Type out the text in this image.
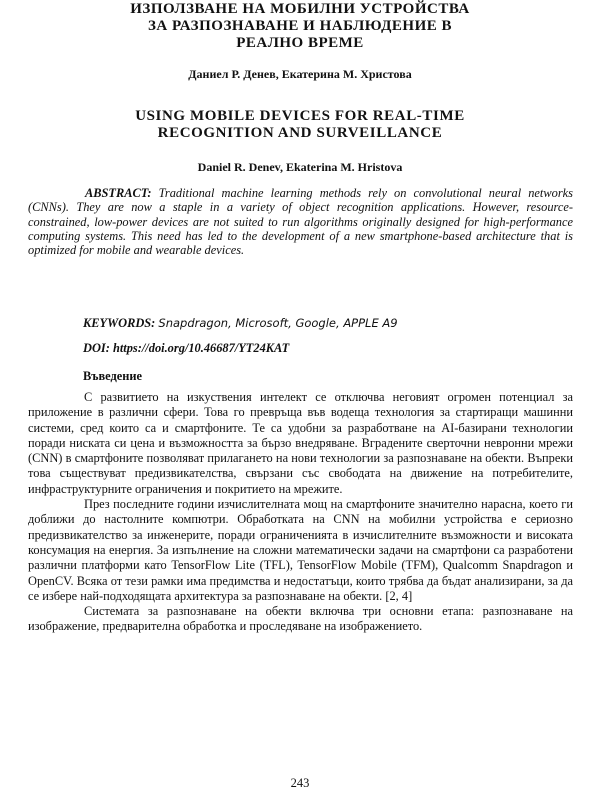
ИЗПОЛЗВАНЕ НА МОБИЛНИ УСТРОЙСТВА
ЗА РАЗПОЗНАВАНЕ И НАБЛЮДЕНИЕ В
РЕАЛНО ВРЕМЕ
Даниел Р. Денев, Екатерина М. Христова
USING MOBILE DEVICES FOR REAL-TIME
RECOGNITION AND SURVEILLANCE
Daniel R. Denev, Ekaterina M. Hristova
ABSTRACT: Traditional machine learning methods rely on convolutional neural networks (CNNs). They are now a staple in a variety of object recognition applications. However, resource-constrained, low-power devices are not suited to run algorithms originally designed for high-performance computing systems. This need has led to the development of a new smartphone-based architecture that is optimized for mobile and wearable devices.
KEYWORDS: Snapdragon, Microsoft, Google, APPLE A9
DOI: https://doi.org/10.46687/YT24KAT
Въведение

С развитието на изкуствения интелект се отключва неговият огромен потенциал за приложение в различни сфери. Това го превръща във водеща технология за стартиращи машинни системи, сред които са и смартфоните. Те са удобни за разработване на AI-базирани технологии поради ниската си цена и възможността за бързо внедряване. Вградените сверточни невронни мрежи (CNN) в смартфоните позволяват прилагането на нови технологии за разпознаване на обекти. Въпреки това съществуват предизвикателства, свързани със свободата на движение на потребителите, инфраструктурните ограничения и покритието на мрежите.

През последните години изчислителната мощ на смартфоните значително нарасна, което ги доближи до настолните компютри. Обработката на CNN на мобилни устройства е сериозно предизвикателство за инженерите, поради ограниченията в изчислителните възможности и високата консумация на енергия. За изпълнение на сложни математически задачи на смартфони са разработени различни платформи като TensorFlow Lite (TFL), TensorFlow Mobile (TFM), Qualcomm Snapdragon и OpenCV. Всяка от тези рамки има предимства и недостатъци, които трябва да бъдат анализирани, за да се избере най-подходящата архитектура за разпознаване на обекти. [2, 4]

Системата за разпознаване на обекти включва три основни етапа: разпознаване на изображение, предварителна обработка и проследяване на изображението.

243
